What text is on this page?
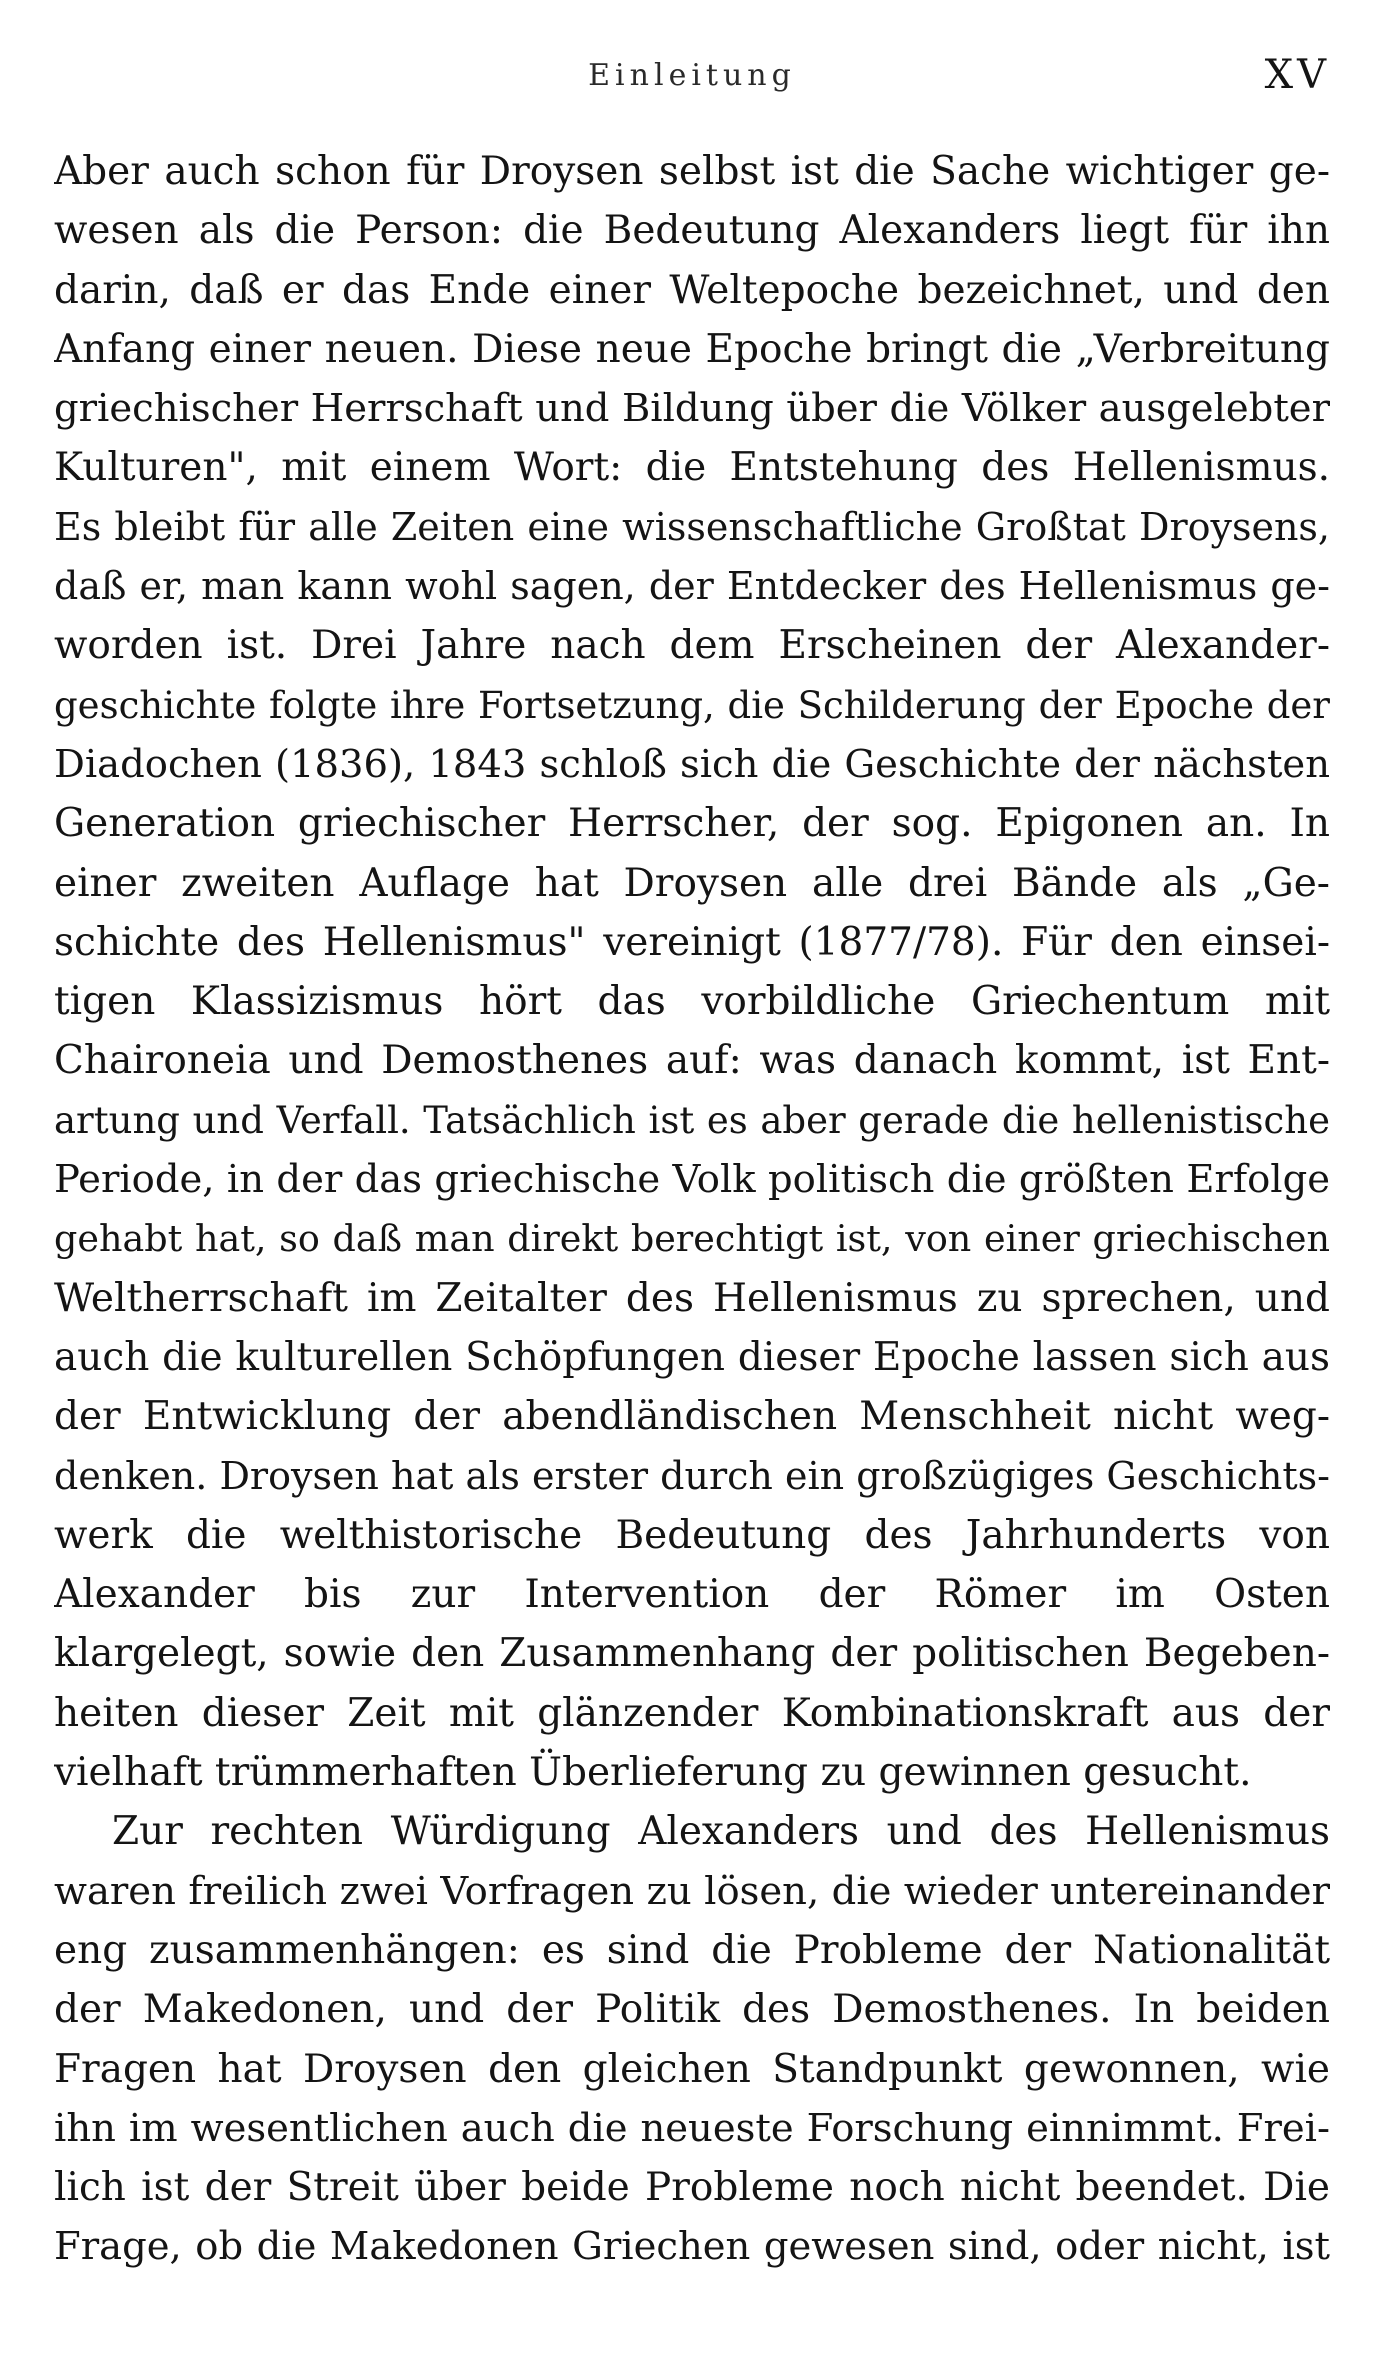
Einleitung	XV
Aber auch schon für Droysen selbst ist die Sache wichtiger ge-
wesen als die Person: die Bedeutung Alexanders liegt für ihn
darin, daß er das Ende einer Weltepoche bezeichnet, und den
Anfang einer neuen. Diese neue Epoche bringt die „Verbreitung
griechischer Herrschaft und Bildung über die Völker ausgelebter
Kulturen", mit einem Wort: die Entstehung des Hellenismus.
Es bleibt für alle Zeiten eine wissenschaftliche Großtat Droysens,
daß er, man kann wohl sagen, der Entdecker des Hellenismus ge-
worden ist. Drei Jahre nach dem Erscheinen der Alexander-
geschichte folgte ihre Fortsetzung, die Schilderung der Epoche der
Diadochen (1836), 1843 schloß sich die Geschichte der nächsten
Generation griechischer Herrscher, der sog. Epigonen an. In
einer zweiten Auflage hat Droysen alle drei Bände als „Ge-
schichte des Hellenismus" vereinigt (1877/78). Für den einsei-
tigen Klassizismus hört das vorbildliche Griechentum mit
Chaironeia und Demosthenes auf: was danach kommt, ist Ent-
artung und Verfall. Tatsächlich ist es aber gerade die hellenistische
Periode, in der das griechische Volk politisch die größten Erfolge
gehabt hat, so daß man direkt berechtigt ist, von einer griechischen
Weltherrschaft im Zeitalter des Hellenismus zu sprechen, und
auch die kulturellen Schöpfungen dieser Epoche lassen sich aus
der Entwicklung der abendländischen Menschheit nicht weg-
denken. Droysen hat als erster durch ein großzügiges Geschichts-
werk die welthistorische Bedeutung des Jahrhunderts von
Alexander bis zur Intervention der Römer im Osten
klargelegt, sowie den Zusammenhang der politischen Begeben-
heiten dieser Zeit mit glänzender Kombinationskraft aus der
vielhaft trümmerhaften Überlieferung zu gewinnen gesucht.
Zur rechten Würdigung Alexanders und des Hellenismus
waren freilich zwei Vorfragen zu lösen, die wieder untereinander
eng zusammenhängen: es sind die Probleme der Nationalität
der Makedonen, und der Politik des Demosthenes. In beiden
Fragen hat Droysen den gleichen Standpunkt gewonnen, wie
ihn im wesentlichen auch die neueste Forschung einnimmt. Frei-
lich ist der Streit über beide Probleme noch nicht beendet. Die
Frage, ob die Makedonen Griechen gewesen sind, oder nicht, ist
